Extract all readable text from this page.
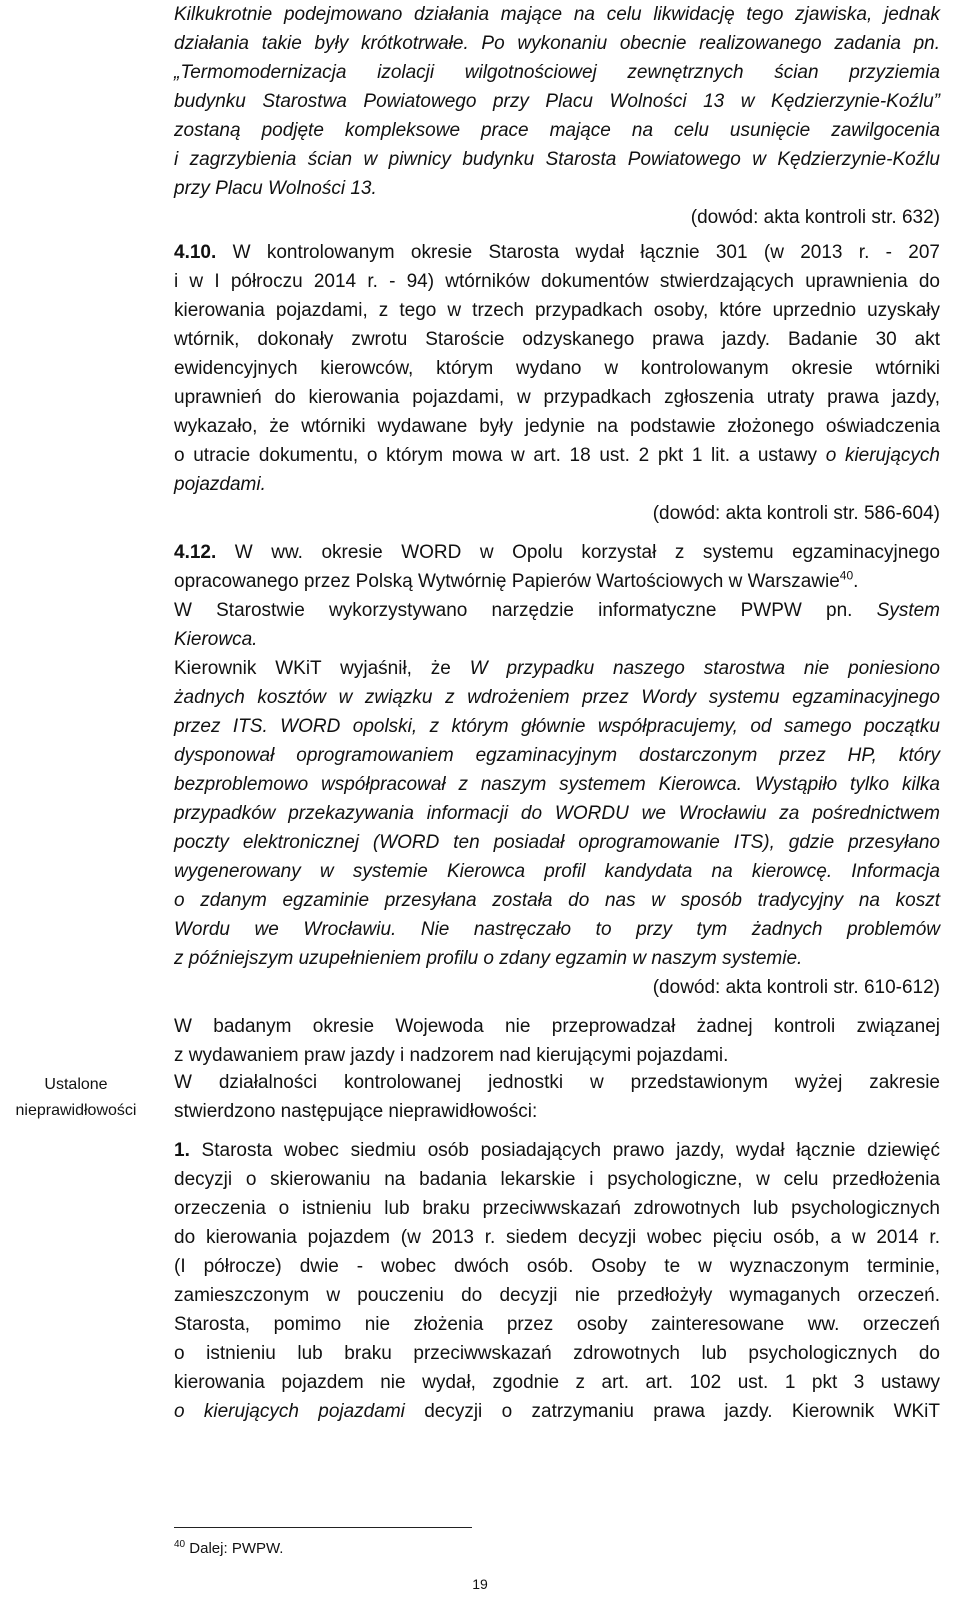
Ustalone nieprawidłowości
Kilkukrotnie podejmowano działania mające na celu likwidację tego zjawiska, jednak
działania takie były krótkotrwałe. Po wykonaniu obecnie realizowanego zadania pn.
„Termomodernizacja izolacji wilgotnościowej zewnętrznych ścian przyziemia
budynku Starostwa Powiatowego przy Placu Wolności 13 w Kędzierzynie-Koźlu”
zostaną podjęte kompleksowe prace mające na celu usunięcie zawilgocenia
i zagrzybienia ścian w piwnicy budynku Starosta Powiatowego w Kędzierzynie-Koźlu
przy Placu Wolności 13.
(dowód: akta kontroli str. 632)
4.10. W kontrolowanym okresie Starosta wydał łącznie 301 (w 2013 r. - 207
i w I półroczu 2014 r. - 94) wtórników dokumentów stwierdzających uprawnienia do
kierowania pojazdami, z tego w trzech przypadkach osoby, które uprzednio uzyskały
wtórnik, dokonały zwrotu Staroście odzyskanego prawa jazdy. Badanie 30 akt
ewidencyjnych kierowców, którym wydano w kontrolowanym okresie wtórniki
uprawnień do kierowania pojazdami, w przypadkach zgłoszenia utraty prawa jazdy,
wykazało, że wtórniki wydawane były jedynie na podstawie złożonego oświadczenia
o utracie dokumentu, o którym mowa w art. 18 ust. 2 pkt 1 lit. a ustawy o kierujących
pojazdami.
(dowód: akta kontroli str. 586-604)
4.12. W ww. okresie WORD w Opolu korzystał z systemu egzaminacyjnego
opracowanego przez Polską Wytwórnię Papierów Wartościowych w Warszawie$^{40}$.
W Starostwie wykorzystywano narzędzie informatyczne PWPW pn. System
Kierowca.
Kierownik WKiT wyjaśnił, że W przypadku naszego starostwa nie poniesiono
żadnych kosztów w związku z wdrożeniem przez Wordy systemu egzaminacyjnego
przez ITS. WORD opolski, z którym głównie współpracujemy, od samego początku
dysponował oprogramowaniem egzaminacyjnym dostarczonym przez HP, który
bezproblemowo współpracował z naszym systemem Kierowca. Wystąpiło tylko kilka
przypadków przekazywania informacji do WORDU we Wrocławiu za pośrednictwem
poczty elektronicznej (WORD ten posiadał oprogramowanie ITS), gdzie przesyłano
wygenerowany w systemie Kierowca profil kandydata na kierowcę. Informacja
o zdanym egzaminie przesyłana została do nas w sposób tradycyjny na koszt
Wordu we Wrocławiu. Nie nastręczało to przy tym żadnych problemów
z późniejszym uzupełnieniem profilu o zdany egzamin w naszym systemie.
(dowód: akta kontroli str. 610-612)
W badanym okresie Wojewoda nie przeprowadzał żadnej kontroli związanej
z wydawaniem praw jazdy i nadzorem nad kierującymi pojazdami.
W działalności kontrolowanej jednostki w przedstawionym wyżej zakresie
stwierdzono następujące nieprawidłowości:
1. Starosta wobec siedmiu osób posiadających prawo jazdy, wydał łącznie dziewięć
decyzji o skierowaniu na badania lekarskie i psychologiczne, w celu przedłożenia
orzeczenia o istnieniu lub braku przeciwwskazań zdrowotnych lub psychologicznych
do kierowania pojazdem (w 2013 r. siedem decyzji wobec pięciu osób, a w 2014 r.
(I półrocze) dwie - wobec dwóch osób. Osoby te w wyznaczonym terminie,
zamieszczonym w pouczeniu do decyzji nie przedłożyły wymaganych orzeczeń.
Starosta, pomimo nie złożenia przez osoby zainteresowane ww. orzeczeń
o istnieniu lub braku przeciwwskazań zdrowotnych lub psychologicznych do
kierowania pojazdem nie wydał, zgodnie z art. art. 102 ust. 1 pkt 3 ustawy
o kierujących pojazdami decyzji o zatrzymaniu prawa jazdy. Kierownik WKiT
$^{40}$ Dalej: PWPW.
19
